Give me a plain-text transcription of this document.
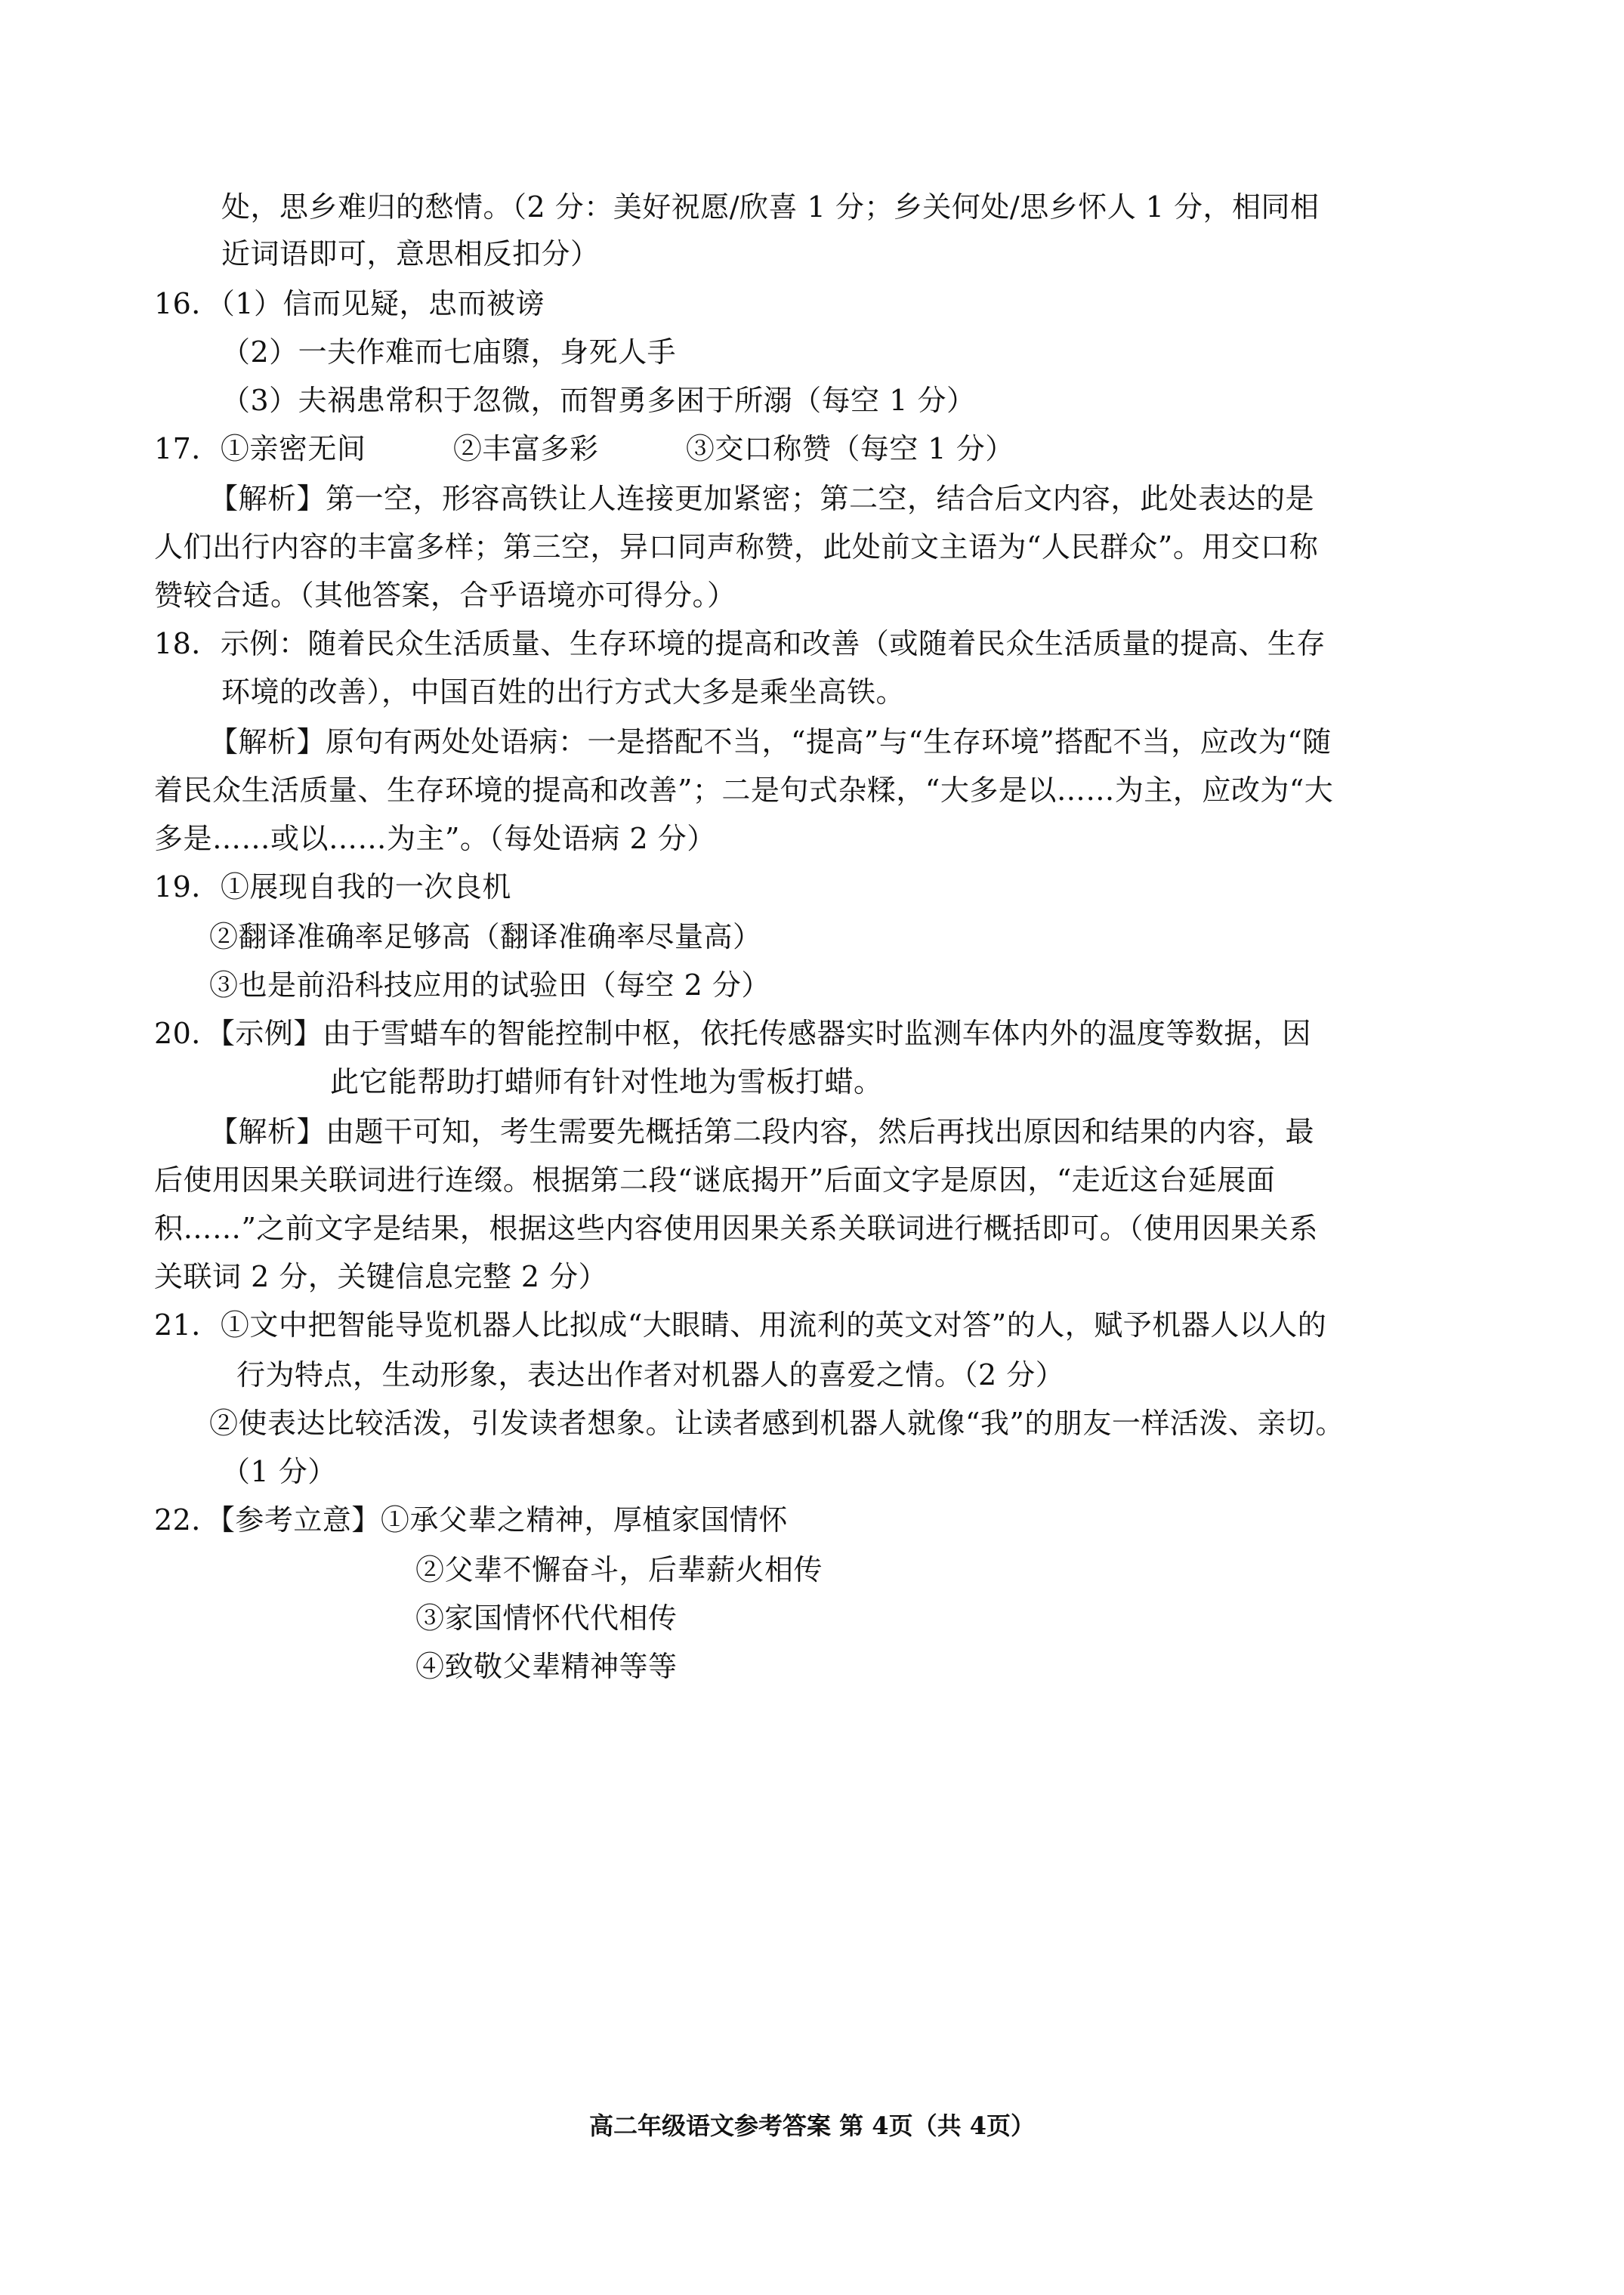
处，思乡难归的愁情。（2 分：美好祝愿/欣喜 1 分；乡关何处/思乡怀人 1 分，相同相
近词语即可，意思相反扣分）
16．（1）信而见疑，忠而被谤
（2）一夫作难而七庙隳，身死人手
（3）夫祸患常积于忽微，而智勇多困于所溺（每空 1 分）
17．①亲密无间　　　②丰富多彩　　　③交口称赞（每空 1 分）
【解析】第一空，形容高铁让人连接更加紧密；第二空，结合后文内容，此处表达的是
人们出行内容的丰富多样；第三空，异口同声称赞，此处前文主语为“人民群众”。用交口称
赞较合适。（其他答案，合乎语境亦可得分。）
18．示例：随着民众生活质量、生存环境的提高和改善（或随着民众生活质量的提高、生存
环境的改善），中国百姓的出行方式大多是乘坐高铁。
【解析】原句有两处处语病：一是搭配不当，“提高”与“生存环境”搭配不当，应改为“随
着民众生活质量、生存环境的提高和改善”；二是句式杂糅，“大多是以……为主，应改为“大
多是……或以……为主”。（每处语病 2 分）
19．①展现自我的一次良机
②翻译准确率足够高（翻译准确率尽量高）
③也是前沿科技应用的试验田（每空 2 分）
20．【示例】由于雪蜡车的智能控制中枢，依托传感器实时监测车体内外的温度等数据，因
此它能帮助打蜡师有针对性地为雪板打蜡。
【解析】由题干可知，考生需要先概括第二段内容，然后再找出原因和结果的内容，最
后使用因果关联词进行连缀。根据第二段“谜底揭开”后面文字是原因，“走近这台延展面
积……”之前文字是结果，根据这些内容使用因果关系关联词进行概括即可。（使用因果关系
关联词 2 分，关键信息完整 2 分）
21．①文中把智能导览机器人比拟成“大眼睛、用流利的英文对答”的人，赋予机器人以人的
行为特点，生动形象，表达出作者对机器人的喜爱之情。（2 分）
②使表达比较活泼，引发读者想象。让读者感到机器人就像“我”的朋友一样活泼、亲切。
（1 分）
22．【参考立意】①承父辈之精神，厚植家国情怀
②父辈不懈奋斗，后辈薪火相传
③家国情怀代代相传
④致敬父辈精神等等
高二年级语文参考答案 第 4页（共 4页）
